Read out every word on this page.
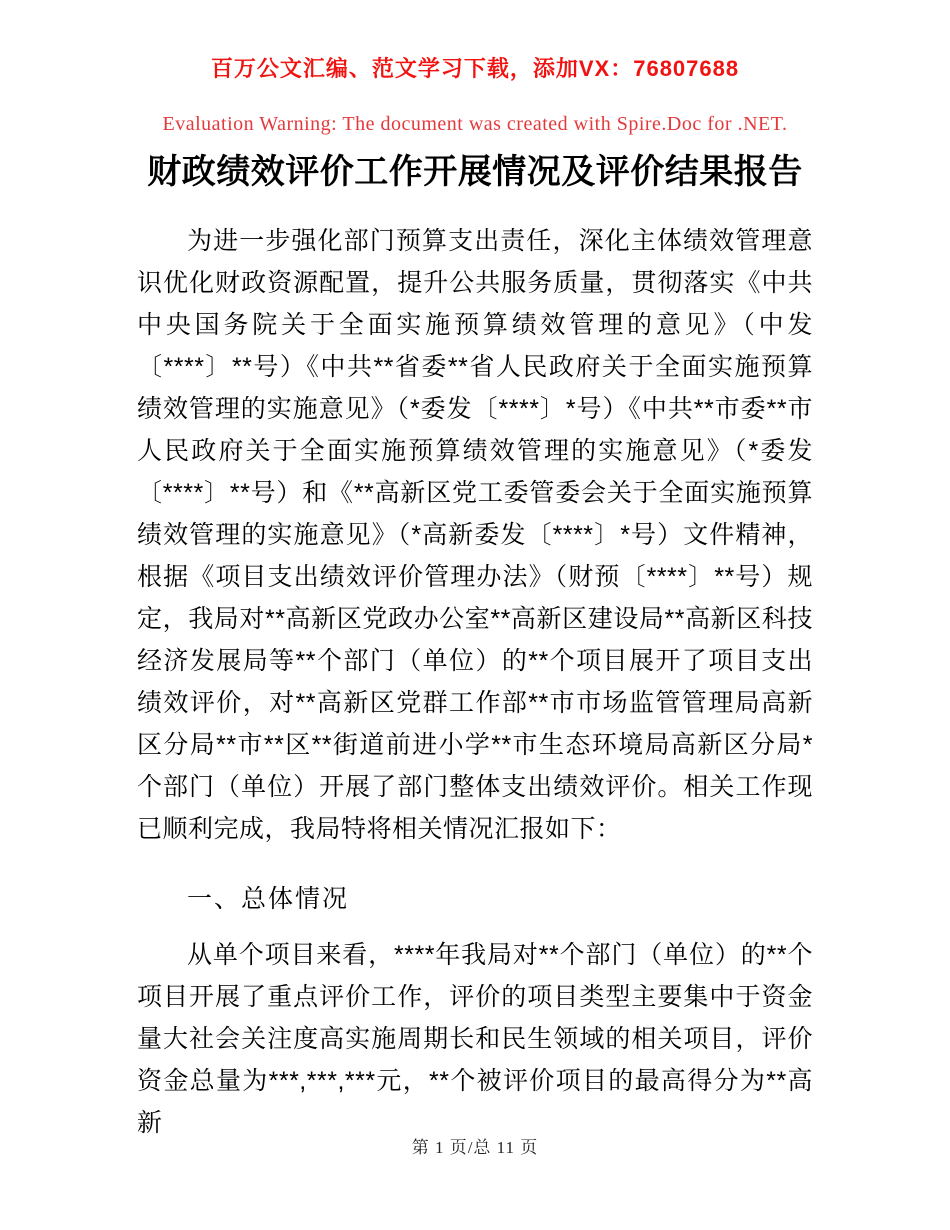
百万公文汇编、范文学习下载，添加VX：76807688
Evaluation Warning: The document was created with Spire.Doc for .NET.
财政绩效评价工作开展情况及评价结果报告

为进一步强化部门预算支出责任，深化主体绩效管理意识优化财政资源配置，提升公共服务质量，贯彻落实《中共中央国务院关于全面实施预算绩效管理的意见》（中发〔****〕**号）《中共**省委**省人民政府关于全面实施预算绩效管理的实施意见》（*委发〔****〕*号）《中共**市委**市人民政府关于全面实施预算绩效管理的实施意见》（*委发〔****〕**号）和《**高新区党工委管委会关于全面实施预算绩效管理的实施意见》（*高新委发〔****〕*号）文件精神，根据《项目支出绩效评价管理办法》（财预〔****〕**号）规定，我局对**高新区党政办公室**高新区建设局**高新区科技经济发展局等**个部门（单位）的**个项目展开了项目支出绩效评价，对**高新区党群工作部**市市场监管管理局高新区分局**市**区**街道前进小学**市生态环境局高新区分局*个部门（单位）开展了部门整体支出绩效评价。相关工作现已顺利完成，我局特将相关情况汇报如下：

一、总体情况

从单个项目来看，****年我局对**个部门（单位）的**个项目开展了重点评价工作，评价的项目类型主要集中于资金量大社会关注度高实施周期长和民生领域的相关项目，评价资金总量为***,***,***元，**个被评价项目的最高得分为**高新

第 1 页/总 11 页
